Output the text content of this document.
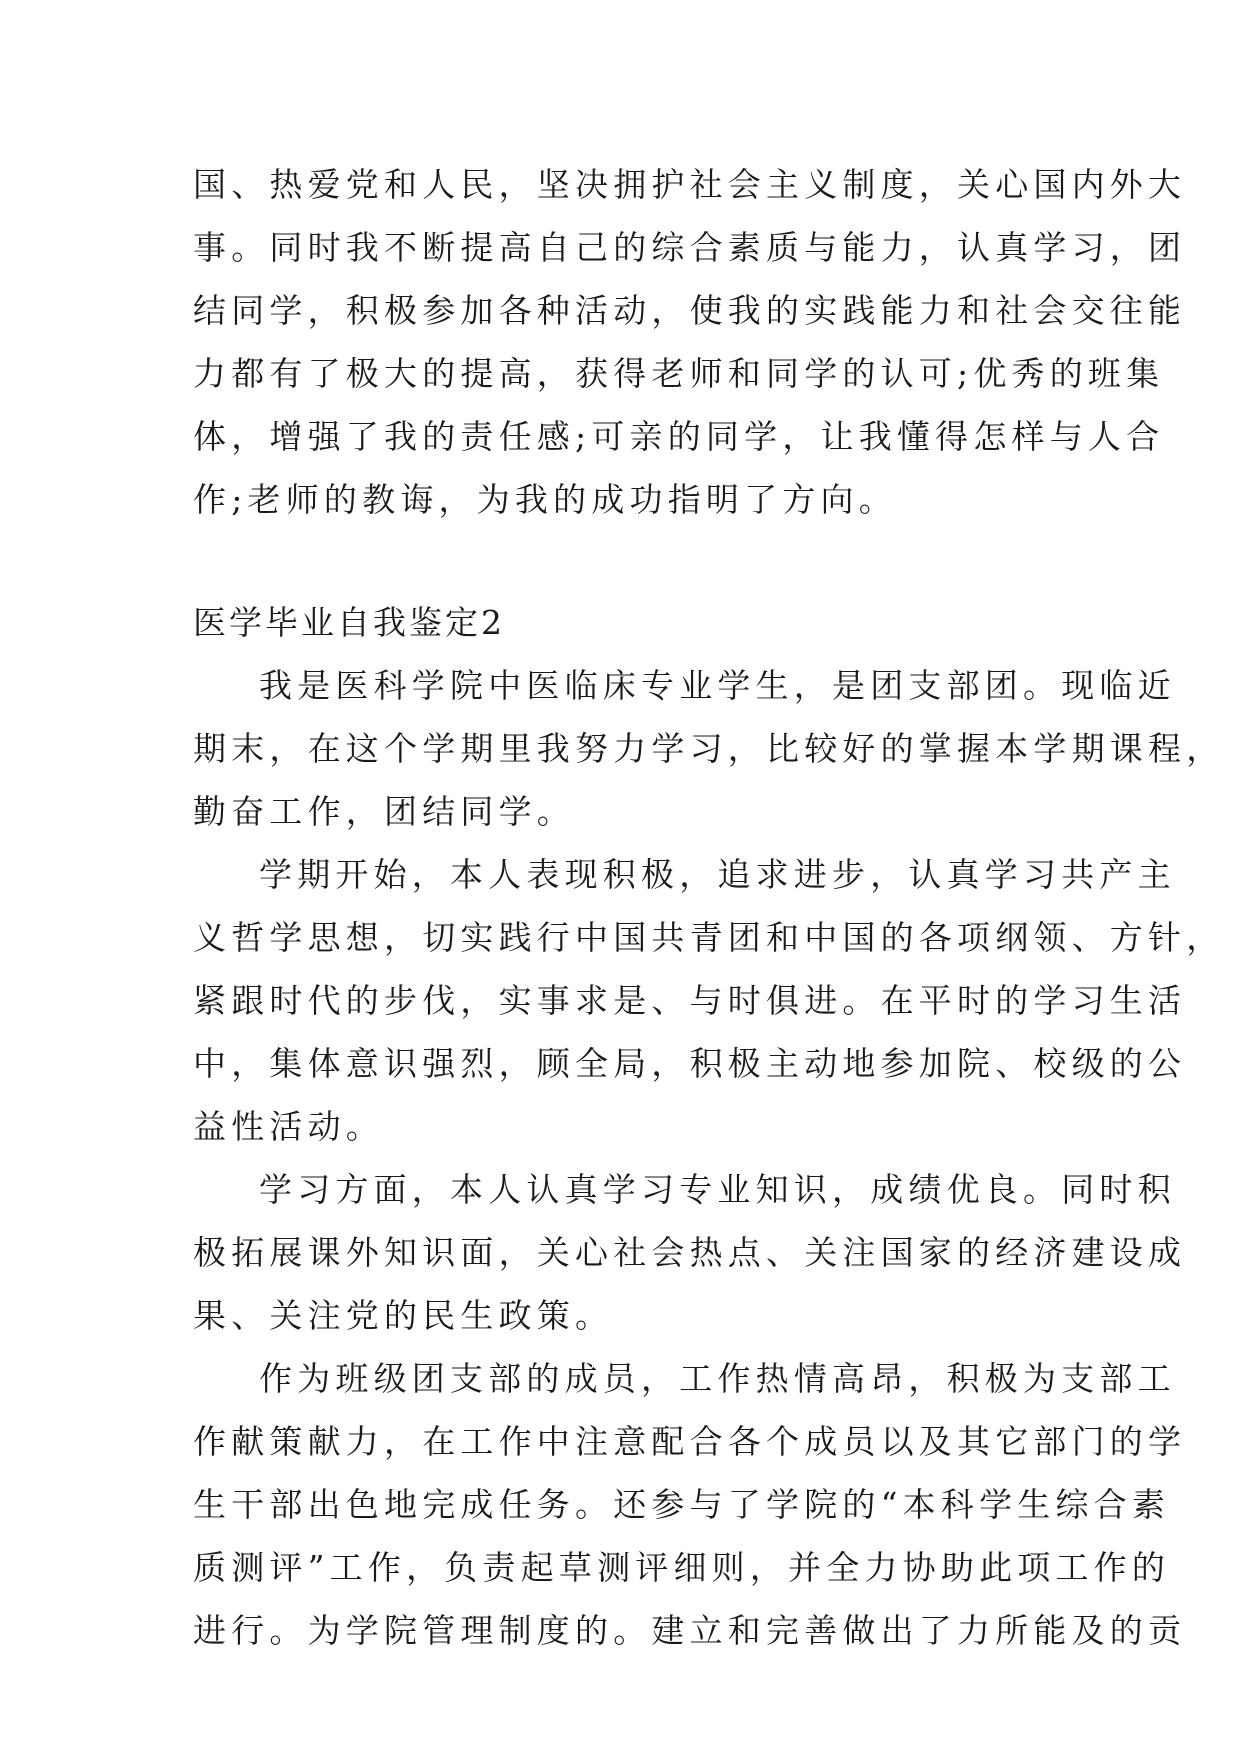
国、热爱党和人民，坚决拥护社会主义制度，关心国内外大
事。同时我不断提高自己的综合素质与能力，认真学习，团
结同学，积极参加各种活动，使我的实践能力和社会交往能
力都有了极大的提高，获得老师和同学的认可;优秀的班集
体，增强了我的责任感;可亲的同学，让我懂得怎样与人合
作;老师的教诲，为我的成功指明了方向。
医学毕业自我鉴定2
我是医科学院中医临床专业学生，是团支部团。现临近
期末，在这个学期里我努力学习，比较好的掌握本学期课程，
勤奋工作，团结同学。
学期开始，本人表现积极，追求进步，认真学习共产主
义哲学思想，切实践行中国共青团和中国的各项纲领、方针，
紧跟时代的步伐，实事求是、与时俱进。在平时的学习生活
中，集体意识强烈，顾全局，积极主动地参加院、校级的公
益性活动。
学习方面，本人认真学习专业知识，成绩优良。同时积
极拓展课外知识面，关心社会热点、关注国家的经济建设成
果、关注党的民生政策。
作为班级团支部的成员，工作热情高昂，积极为支部工
作献策献力，在工作中注意配合各个成员以及其它部门的学
生干部出色地完成任务。还参与了学院的“本科学生综合素
质测评”工作，负责起草测评细则，并全力协助此项工作的
进行。为学院管理制度的。建立和完善做出了力所能及的贡
